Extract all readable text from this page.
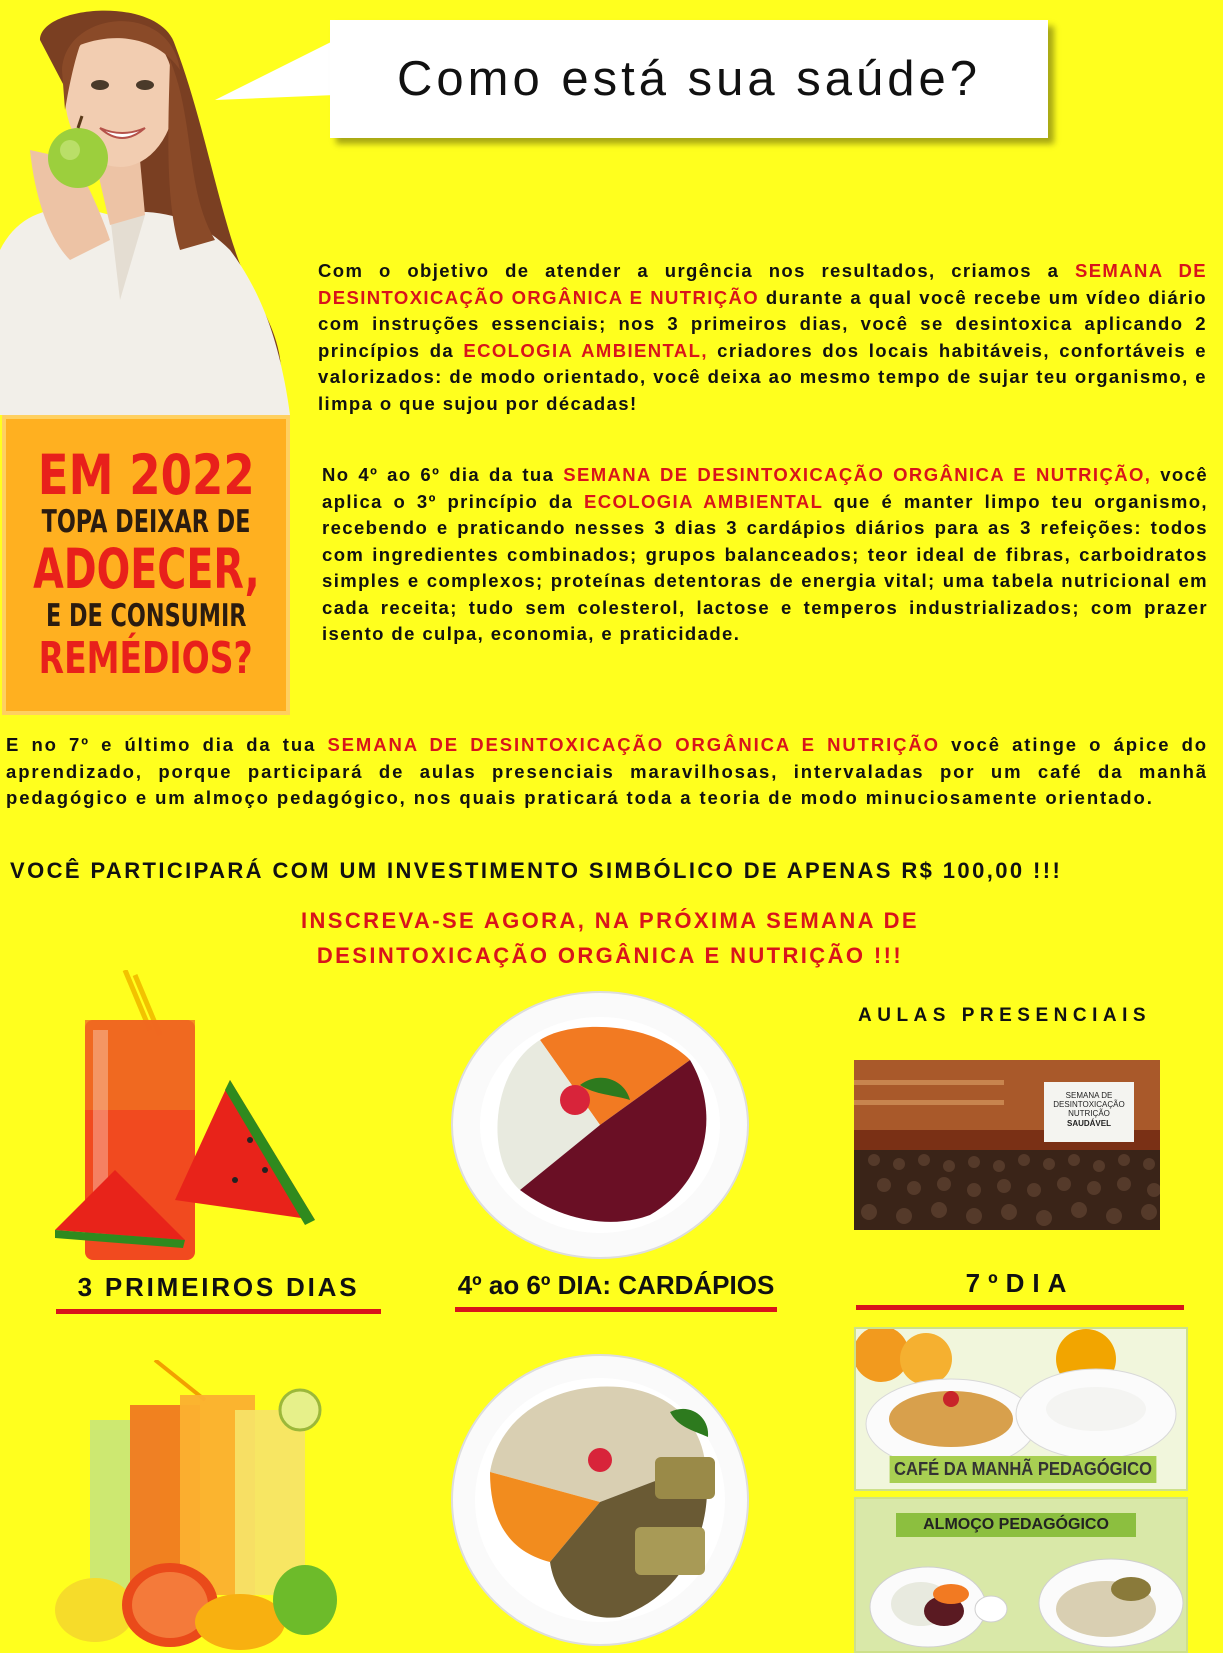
Como está sua saúde?
EM 2022
TOPA DEIXAR DE
ADOECER,
E DE CONSUMIR
REMÉDIOS?
Com o objetivo de atender a urgência nos resultados, criamos a SEMANA DE DESINTOXICAÇÃO ORGÂNICA E NUTRIÇÃO durante a qual você recebe um vídeo diário com instruções essenciais; nos 3 primeiros dias, você se desintoxica aplicando 2 princípios da ECOLOGIA AMBIENTAL, criadores dos locais habitáveis, confortáveis e valorizados: de modo orientado, você deixa ao mesmo tempo de sujar teu organismo, e limpa o que sujou por décadas!
No 4º ao 6º dia da tua SEMANA DE DESINTOXICAÇÃO ORGÂNICA E NUTRIÇÃO, você aplica o 3º princípio da ECOLOGIA AMBIENTAL que é manter limpo teu organismo, recebendo e praticando nesses 3 dias 3 cardápios diários para as 3 refeições: todos com ingredientes combinados; grupos balanceados; teor ideal de fibras, carboidratos simples e complexos; proteínas detentoras de energia vital; uma tabela nutricional em cada receita; tudo sem colesterol, lactose e temperos industrializados; com prazer isento de culpa, economia, e praticidade.
E no 7º e último dia da tua SEMANA DE DESINTOXICAÇÃO ORGÂNICA E NUTRIÇÃO você atinge o ápice do aprendizado, porque participará de aulas presenciais maravilhosas, intervaladas por um café da manhã pedagógico e um almoço pedagógico, nos quais praticará toda a teoria de modo minuciosamente orientado.
VOCÊ PARTICIPARÁ COM UM INVESTIMENTO SIMBÓLICO DE APENAS R$ 100,00 !!!
INSCREVA-SE AGORA, NA PRÓXIMA SEMANA DE
DESINTOXICAÇÃO ORGÂNICA E NUTRIÇÃO !!!
3 PRIMEIROS DIAS	4º ao 6º DIA: CARDÁPIOS	7ºDIA
AULAS PRESENCIAIS
SEMANA DE
DESINTOXICAÇÃO
NUTRIÇÃO
SAUDÁVEL
CAFÉ DA MANHÃ PEDAGÓGICO
ALMOÇO PEDAGÓGICO
